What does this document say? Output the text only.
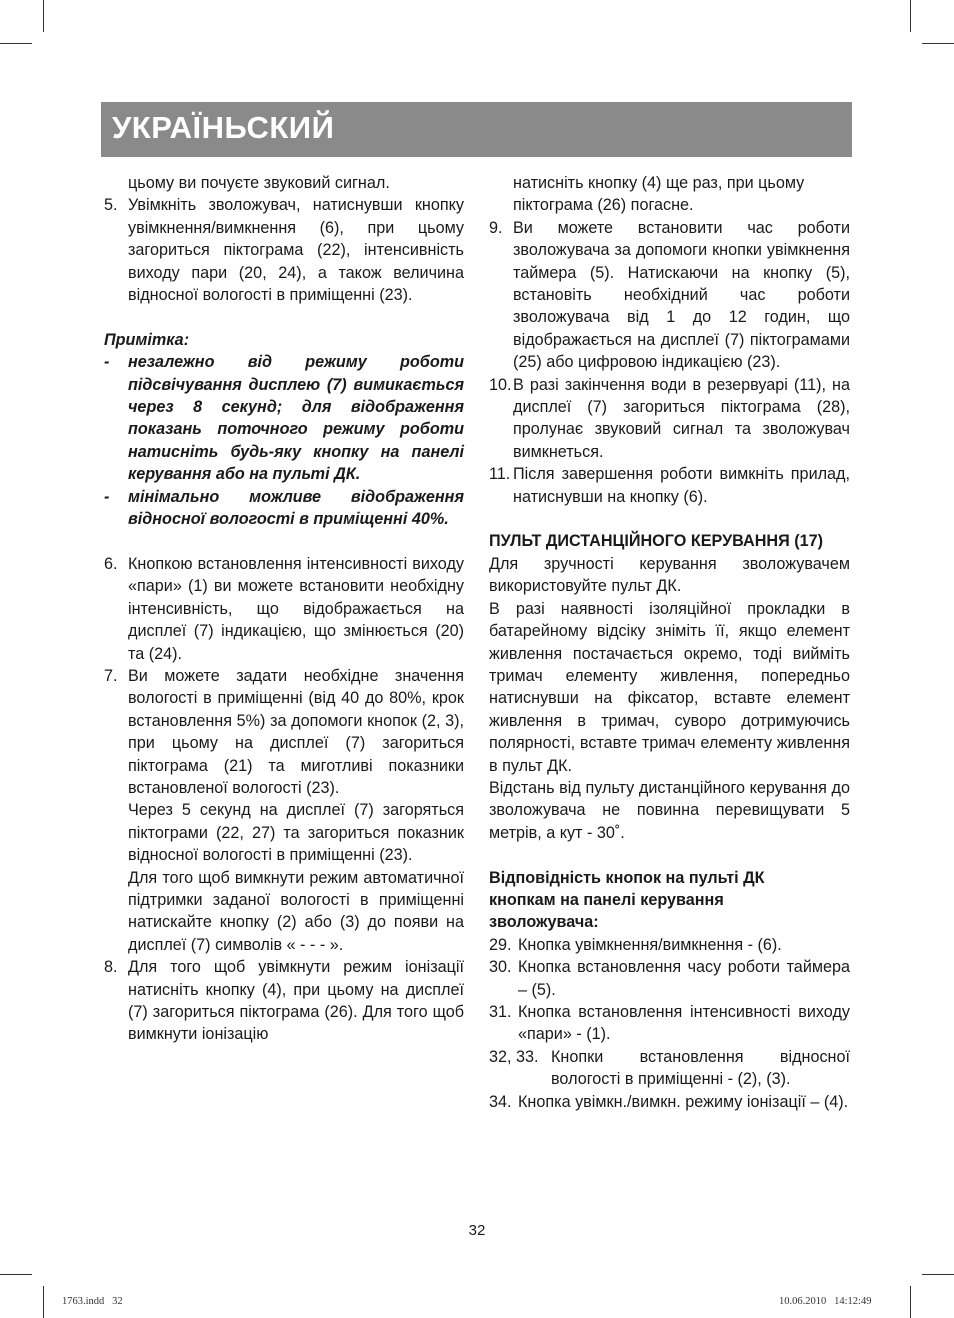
УКРАЇНЬСКИЙ
цьому ви почуєте звуковий сигнал.
5. Увімкніть зволожувач, натиснувши кнопку увімкнення/вимкнення (6), при цьому загориться піктограма (22), інтенсивність виходу пари (20, 24), а також величина відносної вологості в приміщенні (23).
Примітка:
-	незалежно від режиму роботи підсвічування дисплею (7) вимикається через 8 секунд; для відображення показань поточного режиму роботи натисніть будь-яку кнопку на панелі керування або на пульті ДК.
-	мінімально можливе відображення відносної вологості в приміщенні 40%.
6. Кнопкою встановлення інтенсивності виходу «пари» (1) ви можете встановити необхідну інтенсивність, що відображається на дисплеї (7) індикацією, що змінюється (20) та (24).
7. Ви можете задати необхідне значення вологості в приміщенні (від 40 до 80%, крок встановлення 5%) за допомоги кнопок (2, 3), при цьому на дисплеї (7) загориться піктограма (21) та миготливі показники встановленої вологості (23).
Через 5 секунд на дисплеї (7) загоряться піктограми (22, 27) та загориться показник відносної вологості в приміщенні (23).
Для того щоб вимкнути режим автоматичної підтримки заданої вологості в приміщенні натискайте кнопку (2) або (3) до появи на дисплеї (7) символів « - - - ».
8. Для того щоб увімкнути режим іонізації натисніть кнопку (4), при цьому на дисплеї (7) загориться піктограма (26). Для того щоб вимкнути іонізацію
натисніть кнопку (4) ще раз, при цьому піктограма (26) погасне.
9. Ви можете встановити час роботи зволожувача за допомоги кнопки увімкнення таймера (5). Натискаючи на кнопку (5), встановіть необхідний час роботи зволожувача від 1 до 12 годин, що відображається на дисплеї (7) піктограмами (25) або цифровою індикацією (23).
10. В разі закінчення води в резервуарі (11), на дисплеї (7) загориться піктограма (28), пролунає звуковий сигнал та зволожувач вимкнеться.
11. Після завершення роботи вимкніть прилад, натиснувши на кнопку (6).
ПУЛЬТ ДИСТАНЦІЙНОГО КЕРУВАННЯ (17)
Для зручності керування зволожувачем використовуйте пульт ДК.
В разі наявності ізоляційної прокладки в батарейному відсіку зніміть її, якщо елемент живлення постачається окремо, тоді вийміть тримач елементу живлення, попередньо натиснувши на фіксатор, вставте елемент живлення в тримач, суворо дотримуючись полярності, вставте тримач елементу живлення в пульт ДК.
Відстань від пульту дистанційного керування до зволожувача не повинна перевищувати 5 метрів, а кут - 30˚.
Відповідність кнопок на пульті ДК кнопкам на панелі керування зволожувача:
29. Кнопка увімкнення/вимкнення - (6).
30. Кнопка встановлення часу роботи таймера – (5).
31. Кнопка встановлення інтенсивності виходу «пари» - (1).
32, 33. Кнопки встановлення відносної вологості в приміщенні - (2), (3).
34. Кнопка увімкн./вимкн. режиму іонізації – (4).
32
1763.indd   32	10.06.2010   14:12:49
